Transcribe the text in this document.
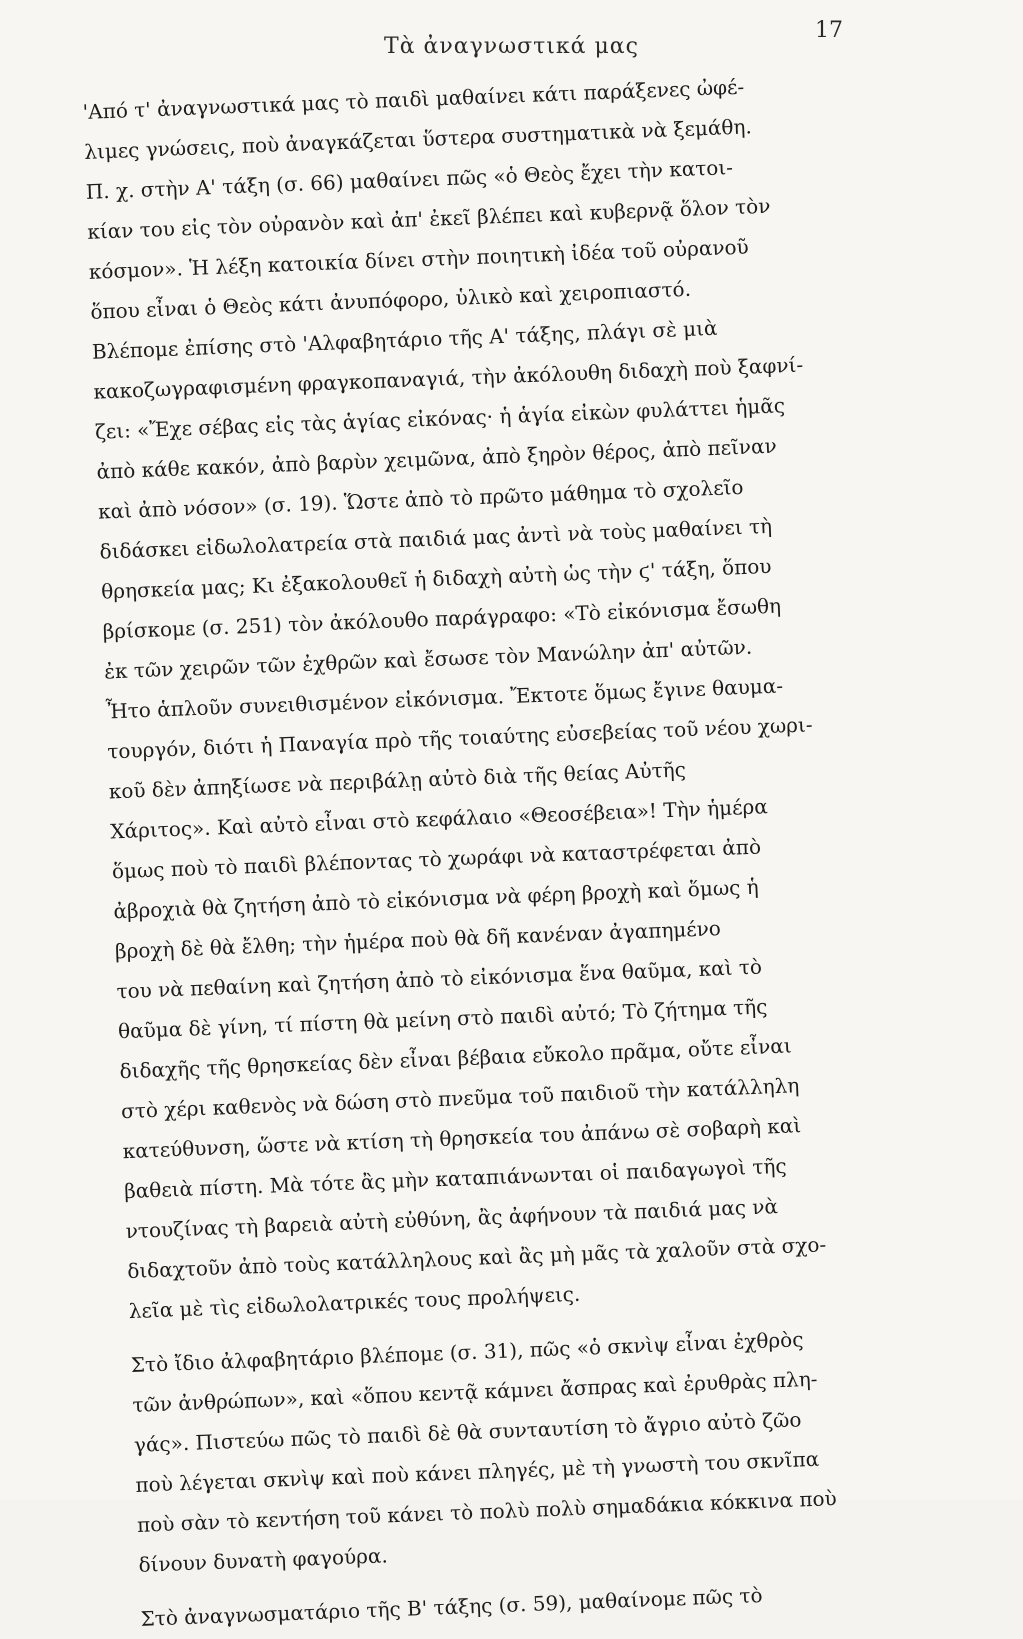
Τὰ ἀναγνωστικά μας
17
'Από τ' ἀναγνωστικά μας τὸ παιδὶ μαθαίνει κάτι παράξενες ὠφέ-
λιμες γνώσεις, ποὺ ἀναγκάζεται ὕστερα συστηματικὰ νὰ ξεμάθη.
Π. χ. στὴν Α' τάξη (σ. 66) μαθαίνει πῶς «ὁ Θεὸς ἔχει τὴν κατοι-
κίαν του εἰς τὸν οὐρανὸν καὶ ἀπ' ἐκεῖ βλέπει καὶ κυβερνᾷ ὅλον τὸν
κόσμον». Ἡ λέξη κατοικία δίνει στὴν ποιητικὴ ἰδέα τοῦ οὐρανοῦ
ὅπου εἶναι ὁ Θεὸς κάτι ἀνυπόφορο, ὑλικὸ καὶ χειροπιαστό.
Βλέπομε ἐπίσης στὸ 'Αλφαβητάριο τῆς Α' τάξης, πλάγι σὲ μιὰ
κακοζωγραφισμένη φραγκοπαναγιά, τὴν ἀκόλουθη διδαχὴ ποὺ ξαφνί-
ζει: «Ἔχε σέβας εἰς τὰς ἁγίας εἰκόνας· ἡ ἁγία εἰκὼν φυλάττει ἡμᾶς
ἀπὸ κάθε κακόν, ἀπὸ βαρὺν χειμῶνα, ἀπὸ ξηρὸν θέρος, ἀπὸ πεῖναν
καὶ ἀπὸ νόσον» (σ. 19). Ὥστε ἀπὸ τὸ πρῶτο μάθημα τὸ σχολεῖο
διδάσκει εἰδωλολατρεία στὰ παιδιά μας ἀντὶ νὰ τοὺς μαθαίνει τὴ
θρησκεία μας; Κι ἐξακολουθεῖ ἡ διδαχὴ αὐτὴ ὡς τὴν ϛ' τάξη, ὅπου
βρίσκομε (σ. 251) τὸν ἀκόλουθο παράγραφο: «Τὸ εἰκόνισμα ἔσωθη
ἐκ τῶν χειρῶν τῶν ἐχθρῶν καὶ ἔσωσε τὸν Μανώλην ἀπ' αὐτῶν.
Ἦτο ἁπλοῦν συνειθισμένον εἰκόνισμα. Ἔκτοτε ὅμως ἔγινε θαυμα-
τουργόν, διότι ἡ Παναγία πρὸ τῆς τοιαύτης εὐσεβείας τοῦ νέου χωρι-
κοῦ δὲν ἀπηξίωσε νὰ περιβάλῃ αὐτὸ διὰ τῆς θείας Αὐτῆς
Χάριτος». Καὶ αὐτὸ εἶναι στὸ κεφάλαιο «Θεοσέβεια»! Τὴν ἡμέρα
ὅμως ποὺ τὸ παιδὶ βλέποντας τὸ χωράφι νὰ καταστρέφεται ἀπὸ
ἀβροχιὰ θὰ ζητήση ἀπὸ τὸ εἰκόνισμα νὰ φέρη βροχὴ καὶ ὅμως ἡ
βροχὴ δὲ θὰ ἔλθη; τὴν ἡμέρα ποὺ θὰ δῆ κανέναν ἀγαπημένο
του νὰ πεθαίνη καὶ ζητήση ἀπὸ τὸ εἰκόνισμα ἕνα θαῦμα, καὶ τὸ
θαῦμα δὲ γίνη, τί πίστη θὰ μείνη στὸ παιδὶ αὐτό; Τὸ ζήτημα τῆς
διδαχῆς τῆς θρησκείας δὲν εἶναι βέβαια εὔκολο πρᾶμα, οὔτε εἶναι
στὸ χέρι καθενὸς νὰ δώση στὸ πνεῦμα τοῦ παιδιοῦ τὴν κατάλληλη
κατεύθυνση, ὥστε νὰ κτίση τὴ θρησκεία του ἀπάνω σὲ σοβαρὴ καὶ
βαθειὰ πίστη. Μὰ τότε ἂς μὴν καταπιάνωνται οἱ παιδαγωγοὶ τῆς
ντουζίνας τὴ βαρειὰ αὐτὴ εὐθύνη, ἂς ἀφήνουν τὰ παιδιά μας νὰ
διδαχτοῦν ἀπὸ τοὺς κατάλληλους καὶ ἂς μὴ μᾶς τὰ χαλοῦν στὰ σχο-
λεῖα μὲ τὶς εἰδωλολατρικές τους προλήψεις.
Στὸ ἴδιο ἀλφαβητάριο βλέπομε (σ. 31), πῶς «ὁ σκνὶψ εἶναι ἐχθρὸς
τῶν ἀνθρώπων», καὶ «ὅπου κεντᾷ κάμνει ἄσπρας καὶ ἐρυθρὰς πλη-
γάς». Πιστεύω πῶς τὸ παιδὶ δὲ θὰ συνταυτίση τὸ ἄγριο αὐτὸ ζῶο
ποὺ λέγεται σκνὶψ καὶ ποὺ κάνει πληγές, μὲ τὴ γνωστὴ του σκνῖπα
ποὺ σὰν τὸ κεντήση τοῦ κάνει τὸ πολὺ πολὺ σημαδάκια κόκκινα ποὺ
δίνουν δυνατὴ φαγούρα.
Στὸ ἀναγνωσματάριο τῆς Β' τάξης (σ. 59), μαθαίνομε πῶς τὸ
